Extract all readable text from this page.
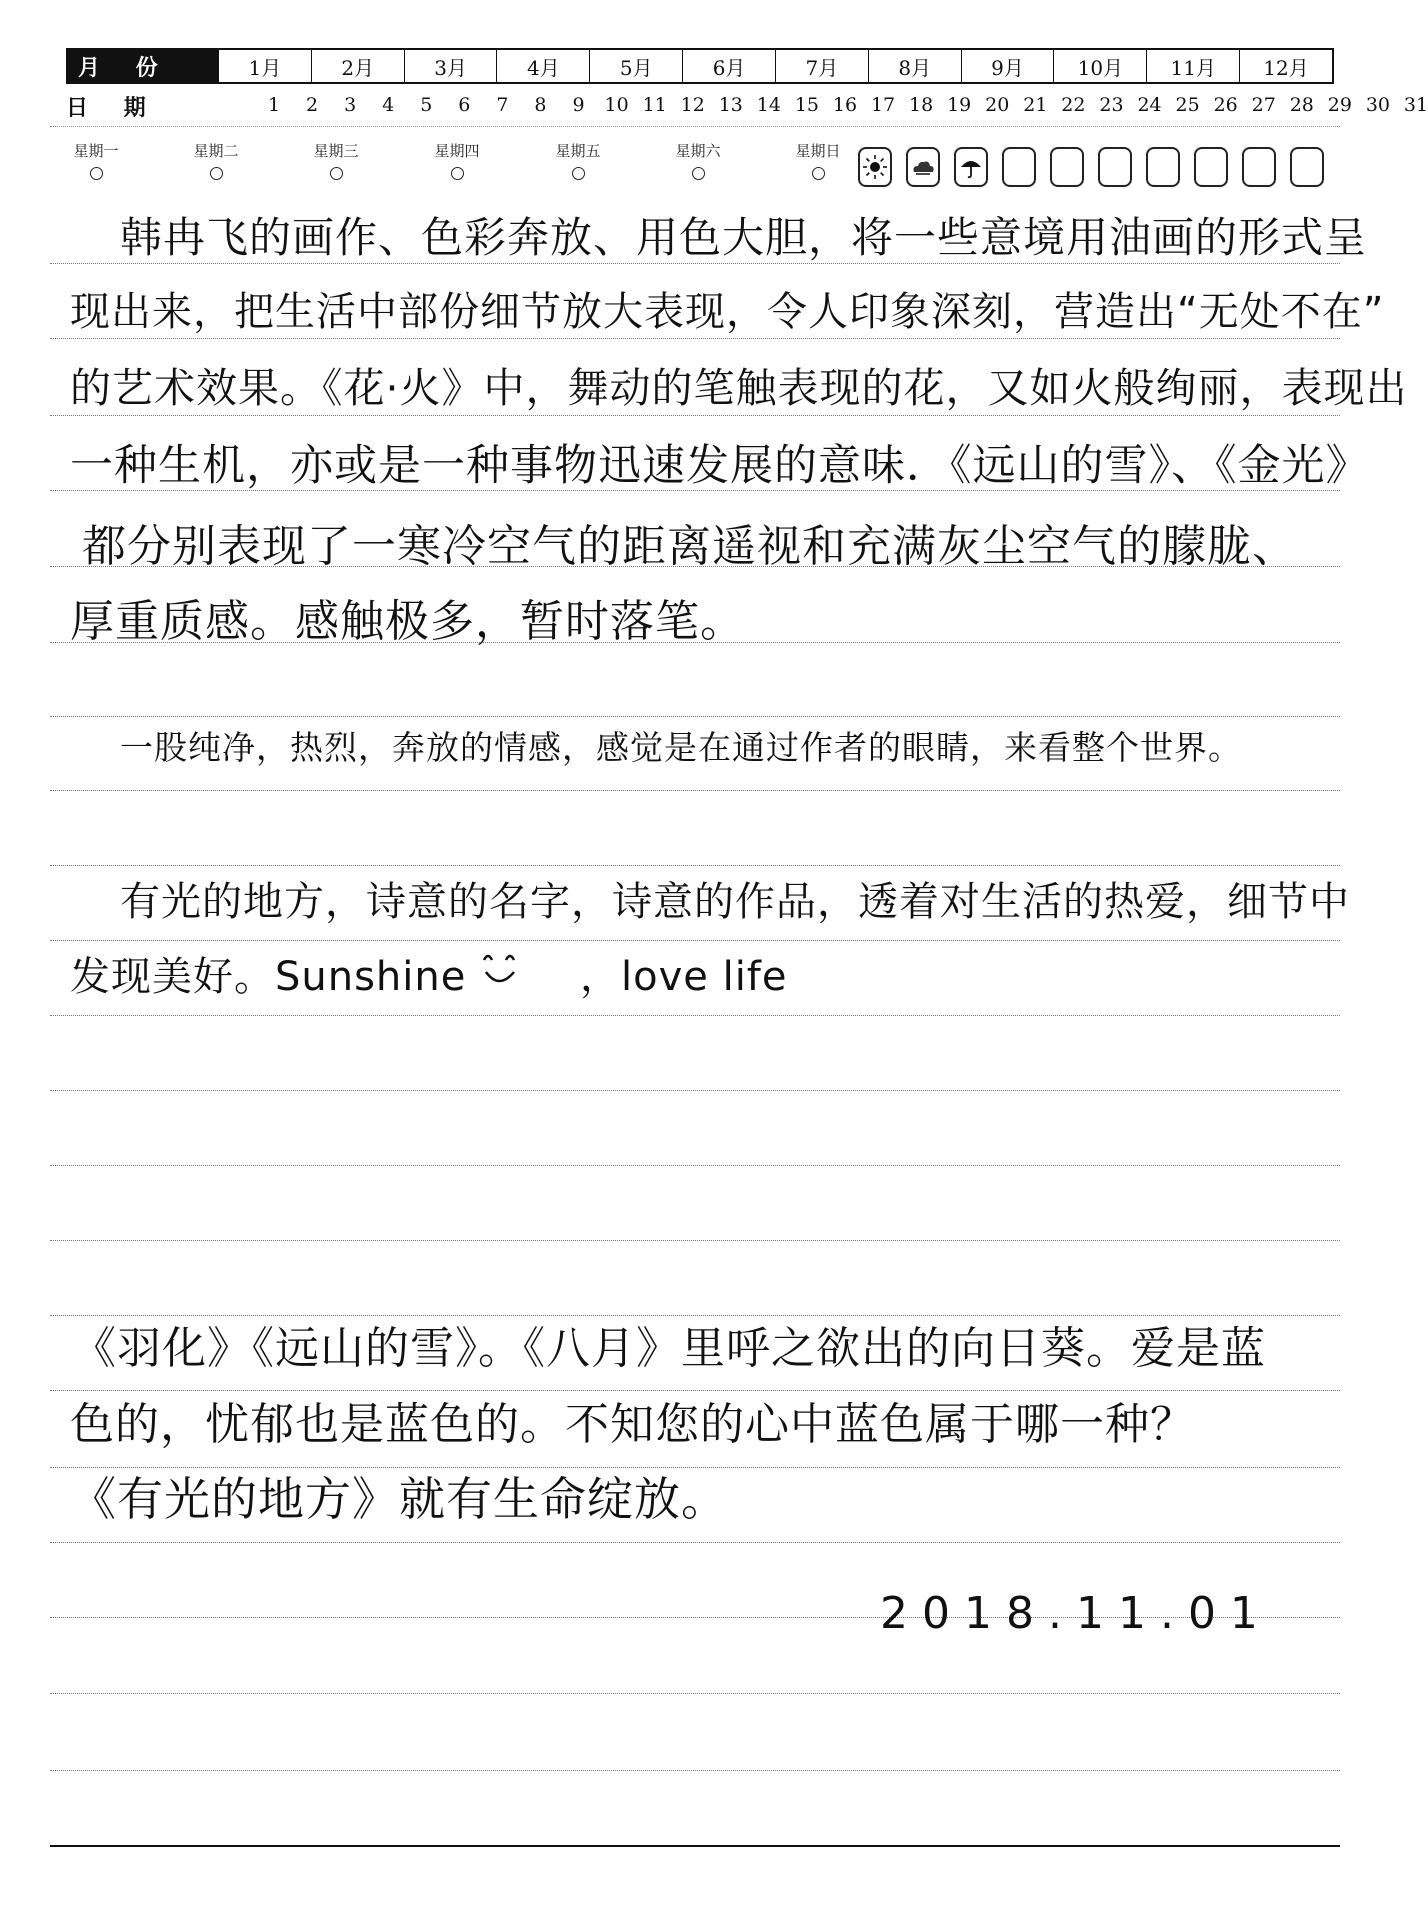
月 份	1月	2月	3月	4月	5月	6月	7月	8月	9月	10月	11月	12月
日 期	1 2 3 4 5 6 7 8 9 10 11 12 13 14 15 16 17 18 19 20 21 22 23 24 25 26 27 28 29 30 31
星期一	星期二	星期三	星期四	星期五	星期六	星期日
韩冉飞的画作、色彩奔放、用色大胆，将一些意境用油画的形式呈
现出来，把生活中部份细节放大表现，令人印象深刻，营造出“无处不在”
的艺术效果。《花·火》中，舞动的笔触表现的花，又如火般绚丽，表现出
一种生机，亦或是一种事物迅速发展的意味．《远山的雪》、《金光》
都分别表现了一寒冷空气的距离遥视和充满灰尘空气的朦胧、
厚重质感。感触极多，暂时落笔。
一股纯净，热烈，奔放的情感，感觉是在通过作者的眼睛，来看整个世界。
有光的地方，诗意的名字，诗意的作品，透着对生活的热爱，细节中
发现美好。Sunshine	，love life
《羽化》《远山的雪》。《八月》里呼之欲出的向日葵。爱是蓝
色的，忧郁也是蓝色的。不知您的心中蓝色属于哪一种？
《有光的地方》就有生命绽放。
2018.11.01
